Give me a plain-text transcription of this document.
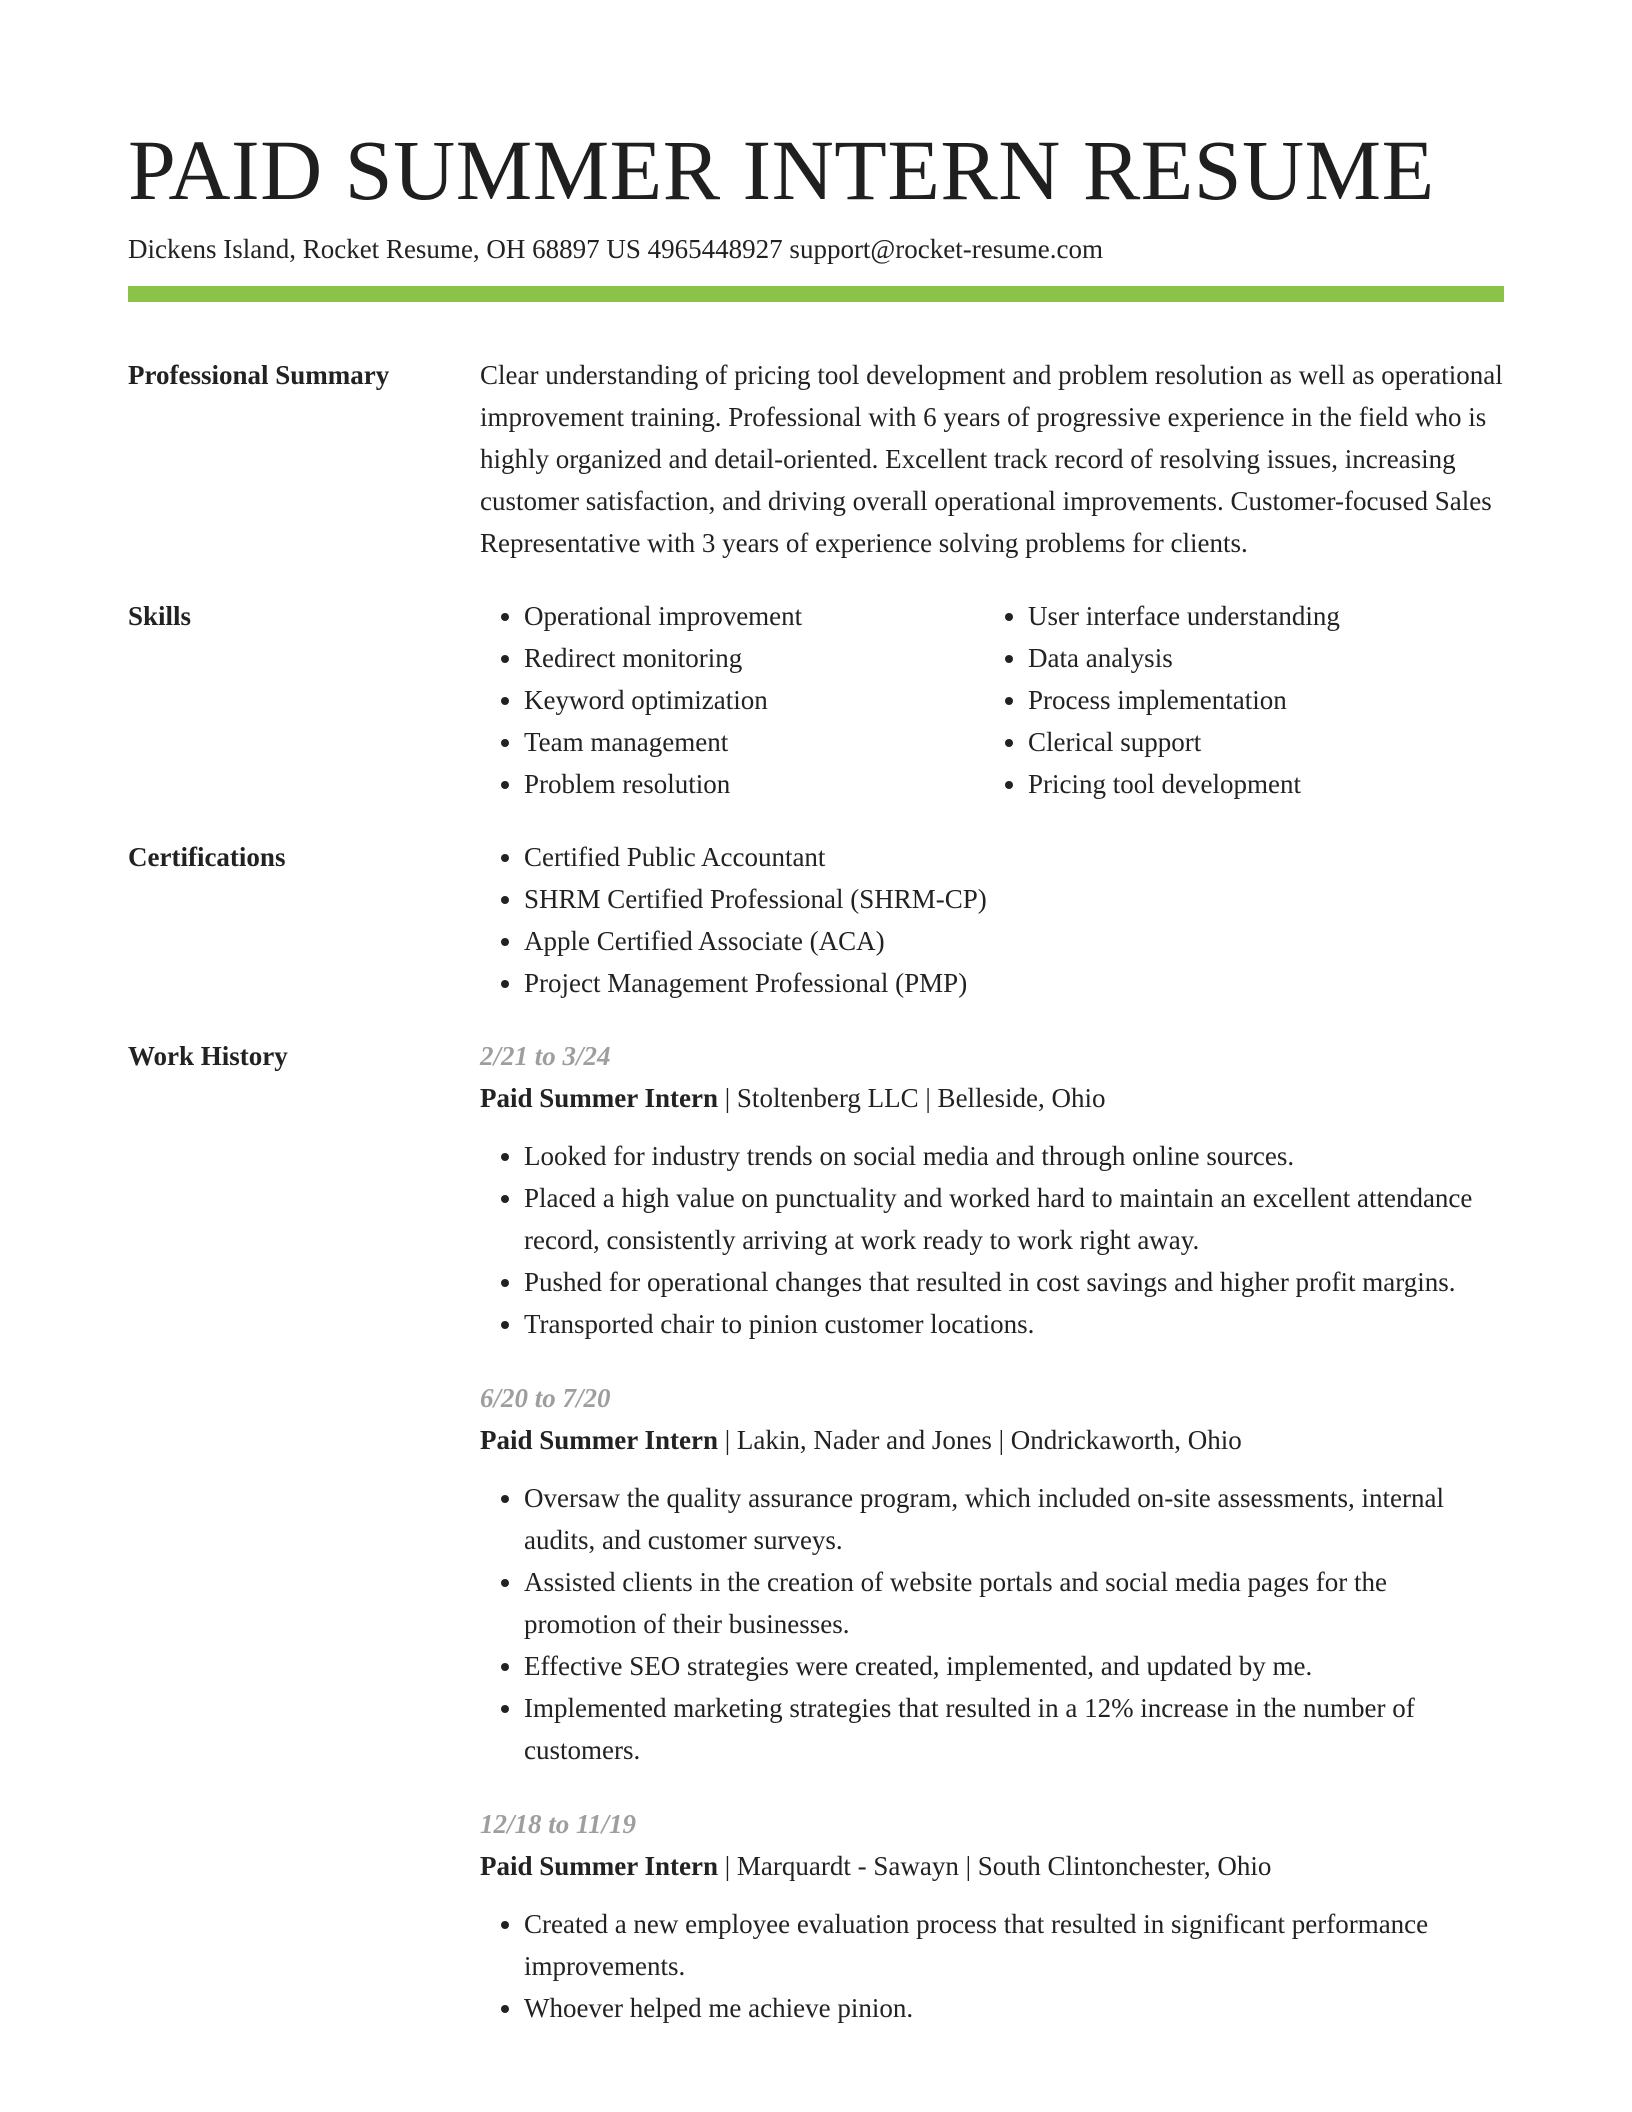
PAID SUMMER INTERN RESUME
Dickens Island, Rocket Resume, OH 68897 US 4965448927 support@rocket-resume.com
Professional Summary	Clear understanding of pricing tool development and problem resolution as well as operational improvement training. Professional with 6 years of progressive experience in the field who is highly organized and detail-oriented. Excellent track record of resolving issues, increasing customer satisfaction, and driving overall operational improvements. Customer-focused Sales Representative with 3 years of experience solving problems for clients.

Skills	• Operational improvement
• Redirect monitoring
• Keyword optimization
• Team management
• Problem resolution
• User interface understanding
• Data analysis
• Process implementation
• Clerical support
• Pricing tool development
Certifications	• Certified Public Accountant
• SHRM Certified Professional (SHRM-CP)
• Apple Certified Associate (ACA)
• Project Management Professional (PMP)
Work History	2/21 to 3/24

Paid Summer Intern | Stoltenberg LLC | Belleside, Ohio

• Looked for industry trends on social media and through online sources.
• Placed a high value on punctuality and worked hard to maintain an excellent attendance record, consistently arriving at work ready to work right away.
• Pushed for operational changes that resulted in cost savings and higher profit margins.
• Transported chair to pinion customer locations.

6/20 to 7/20

Paid Summer Intern | Lakin, Nader and Jones | Ondrickaworth, Ohio

• Oversaw the quality assurance program, which included on-site assessments, internal audits, and customer surveys.
• Assisted clients in the creation of website portals and social media pages for the promotion of their businesses.
• Effective SEO strategies were created, implemented, and updated by me.
• Implemented marketing strategies that resulted in a 12% increase in the number of customers.

12/18 to 11/19

Paid Summer Intern | Marquardt - Sawayn | South Clintonchester, Ohio

• Created a new employee evaluation process that resulted in significant performance improvements.
• Whoever helped me achieve pinion.
